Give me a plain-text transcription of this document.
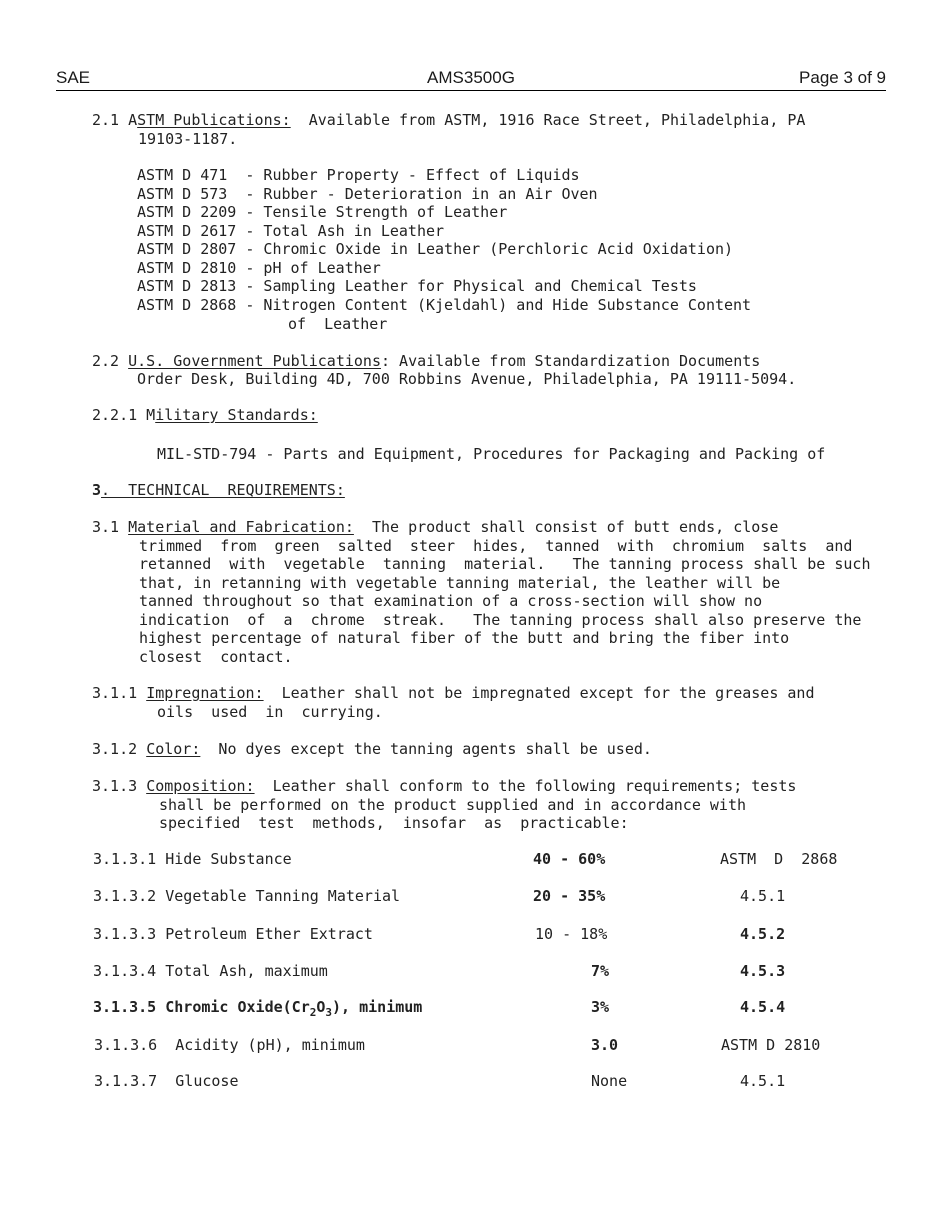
SAE	AMS3500G	Page 3 of 9
2.1 ASTM Publications:  Available from ASTM, 1916 Race Street, Philadelphia, PA
19103-1187.
ASTM D 471  - Rubber Property - Effect of Liquids
ASTM D 573  - Rubber - Deterioration in an Air Oven
ASTM D 2209 - Tensile Strength of Leather
ASTM D 2617 - Total Ash in Leather
ASTM D 2807 - Chromic Oxide in Leather (Perchloric Acid Oxidation)
ASTM D 2810 - pH of Leather
ASTM D 2813 - Sampling Leather for Physical and Chemical Tests
ASTM D 2868 - Nitrogen Content (Kjeldahl) and Hide Substance Content
of  Leather
2.2 U.S. Government Publications: Available from Standardization Documents
Order Desk, Building 4D, 700 Robbins Avenue, Philadelphia, PA 19111-5094.
2.2.1 Military Standards:
MIL-STD-794 - Parts and Equipment, Procedures for Packaging and Packing of
3.  TECHNICAL  REQUIREMENTS:
3.1 Material and Fabrication:  The product shall consist of butt ends, close
trimmed  from  green  salted  steer  hides,  tanned  with  chromium  salts  and
retanned  with  vegetable  tanning  material.   The tanning process shall be such
that, in retanning with vegetable tanning material, the leather will be
tanned throughout so that examination of a cross-section will show no
indication  of  a  chrome  streak.   The tanning process shall also preserve the
highest percentage of natural fiber of the butt and bring the fiber into
closest  contact.
3.1.1 Impregnation:  Leather shall not be impregnated except for the greases and
oils  used  in  currying.
3.1.2 Color:  No dyes except the tanning agents shall be used.
3.1.3 Composition:  Leather shall conform to the following requirements; tests
shall be performed on the product supplied and in accordance with
specified  test  methods,  insofar  as  practicable:
3.1.3.1 Hide Substance	40 - 60%	ASTM  D  2868
3.1.3.2 Vegetable Tanning Material	20 - 35%	4.5.1
3.1.3.3 Petroleum Ether Extract	10 - 18%	4.5.2
3.1.3.4 Total Ash, maximum	7%	4.5.3
3.1.3.5 Chromic $Oxide(Cr_2O_3)$, minimum	3%	4.5.4
3.1.3.6  Acidity (pH), minimum	3.0	ASTM D 2810
3.1.3.7  Glucose	None	4.5.1
